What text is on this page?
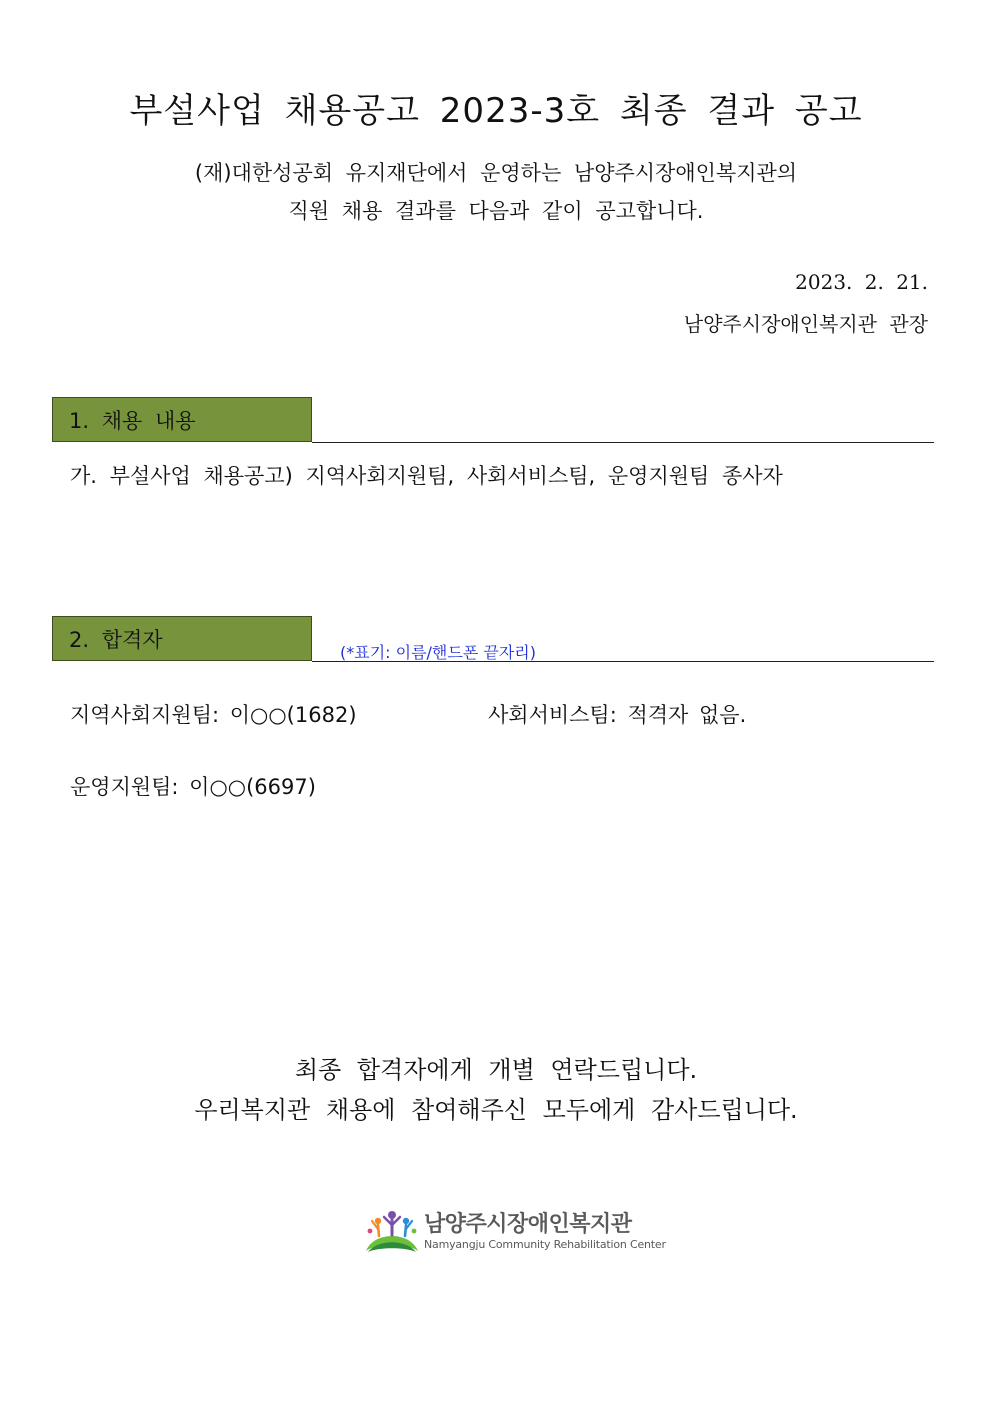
부설사업 채용공고 2023-3호 최종 결과 공고
(재)대한성공회 유지재단에서 운영하는 남양주시장애인복지관의
직원 채용 결과를 다음과 같이 공고합니다.
2023. 2. 21.
남양주시장애인복지관 관장
1. 채용 내용
가. 부설사업 채용공고) 지역사회지원팀, 사회서비스팀, 운영지원팀 종사자
2. 합격자
(*표기: 이름/핸드폰 끝자리)
지역사회지원팀: 이○○(1682)	사회서비스팀: 적격자 없음.
운영지원팀: 이○○(6697)
최종 합격자에게 개별 연락드립니다.
우리복지관 채용에 참여해주신 모두에게 감사드립니다.
남양주시장애인복지관
Namyangju Community Rehabilitation Center
